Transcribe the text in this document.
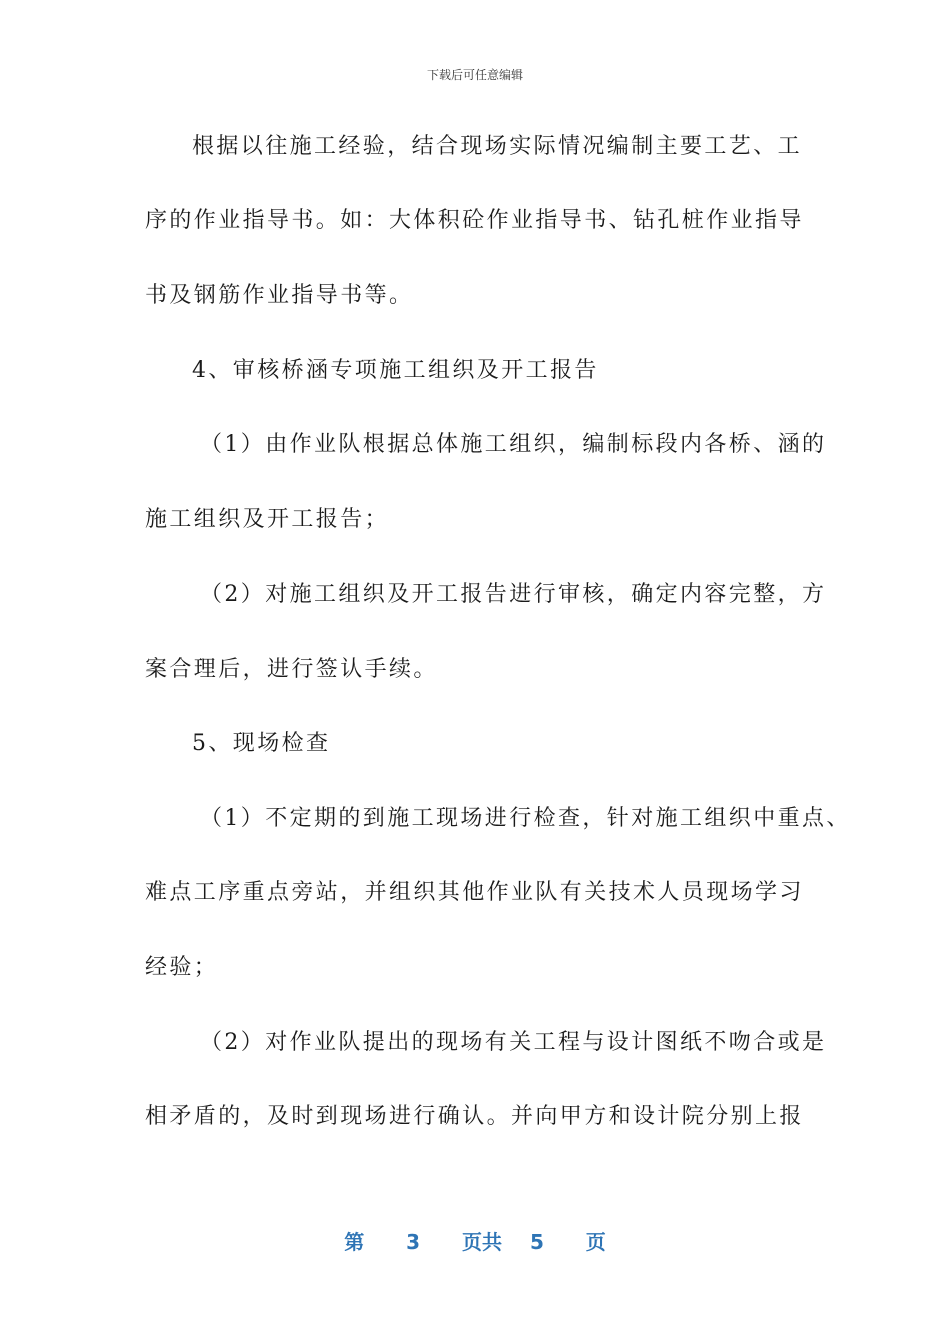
下载后可任意编辑
根据以往施工经验，结合现场实际情况编制主要工艺、工
序的作业指导书。如：大体积砼作业指导书、钻孔桩作业指导
书及钢筋作业指导书等。
4、审核桥涵专项施工组织及开工报告
（1）由作业队根据总体施工组织，编制标段内各桥、涵的
施工组织及开工报告；
（2）对施工组织及开工报告进行审核，确定内容完整，方
案合理后，进行签认手续。
5、现场检查
（1）不定期的到施工现场进行检查，针对施工组织中重点、
难点工序重点旁站，并组织其他作业队有关技术人员现场学习
经验；
（2）对作业队提出的现场有关工程与设计图纸不吻合或是
相矛盾的，及时到现场进行确认。并向甲方和设计院分别上报
第 3 页共 5 页
